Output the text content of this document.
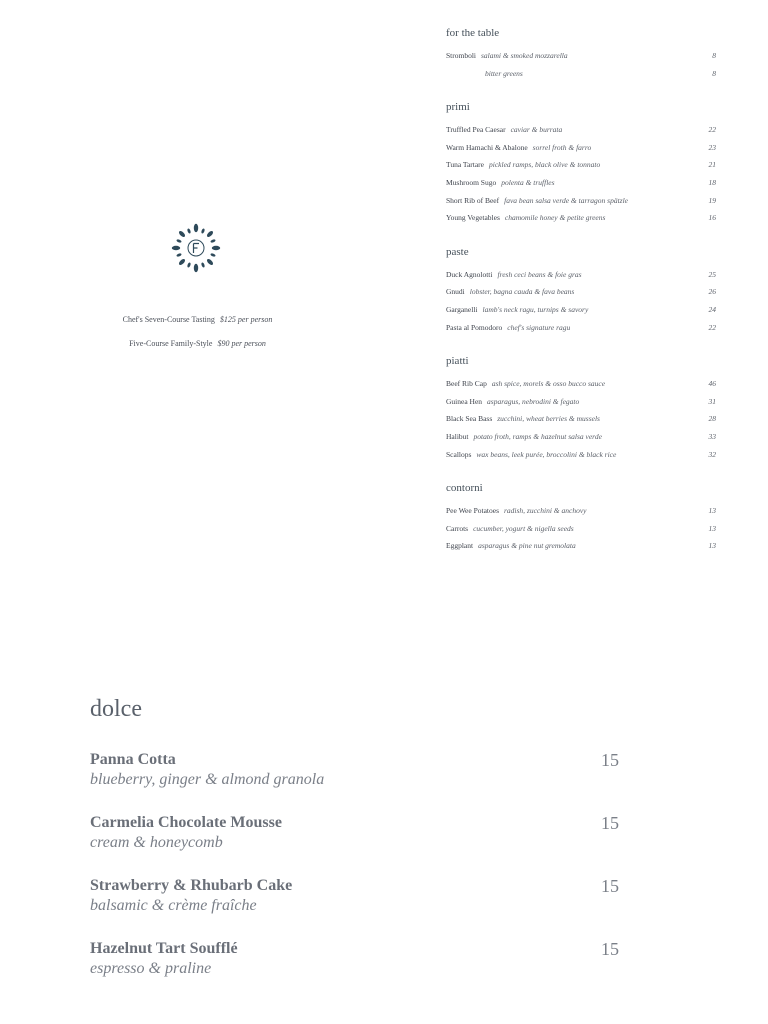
Chef's Seven-Course Tasting $125 per person
Five-Course Family-Style $90 per person
for the table
Stromboli salami & smoked mozzarella	8
bitter greens	8
primi
Truffled Pea Caesar caviar & burrata	22
Warm Hamachi & Abalone sorrel froth & farro	23
Tuna Tartare pickled ramps, black olive & tonnato	21
Mushroom Sugo polenta & truffles	18
Short Rib of Beef fava bean salsa verde & tarragon spätzle	19
Young Vegetables chamomile honey & petite greens	16
paste
Duck Agnolotti fresh ceci beans & foie gras	25
Gnudi lobster, bagna cauda & fava beans	26
Garganelli lamb's neck ragu, turnips & savory	24
Pasta al Pomodoro chef's signature ragu	22
piatti
Beef Rib Cap ash spice, morels & osso bucco sauce	46
Guinea Hen asparagus, nebrodini & fegato	31
Black Sea Bass zucchini, wheat berries & mussels	28
Halibut potato froth, ramps & hazelnut salsa verde	33
Scallops wax beans, leek purée, broccolini & black rice	32
contorni
Pee Wee Potatoes radish, zucchini & anchovy	13
Carrots cucumber, yogurt & nigella seeds	13
Eggplant asparagus & pine nut gremolata	13
dolce
Panna Cotta
blueberry, ginger & almond granola
15
Carmelia Chocolate Mousse
cream & honeycomb
15
Strawberry & Rhubarb Cake
balsamic & crème fraîche
15
Hazelnut Tart Soufflé
espresso & praline
15
